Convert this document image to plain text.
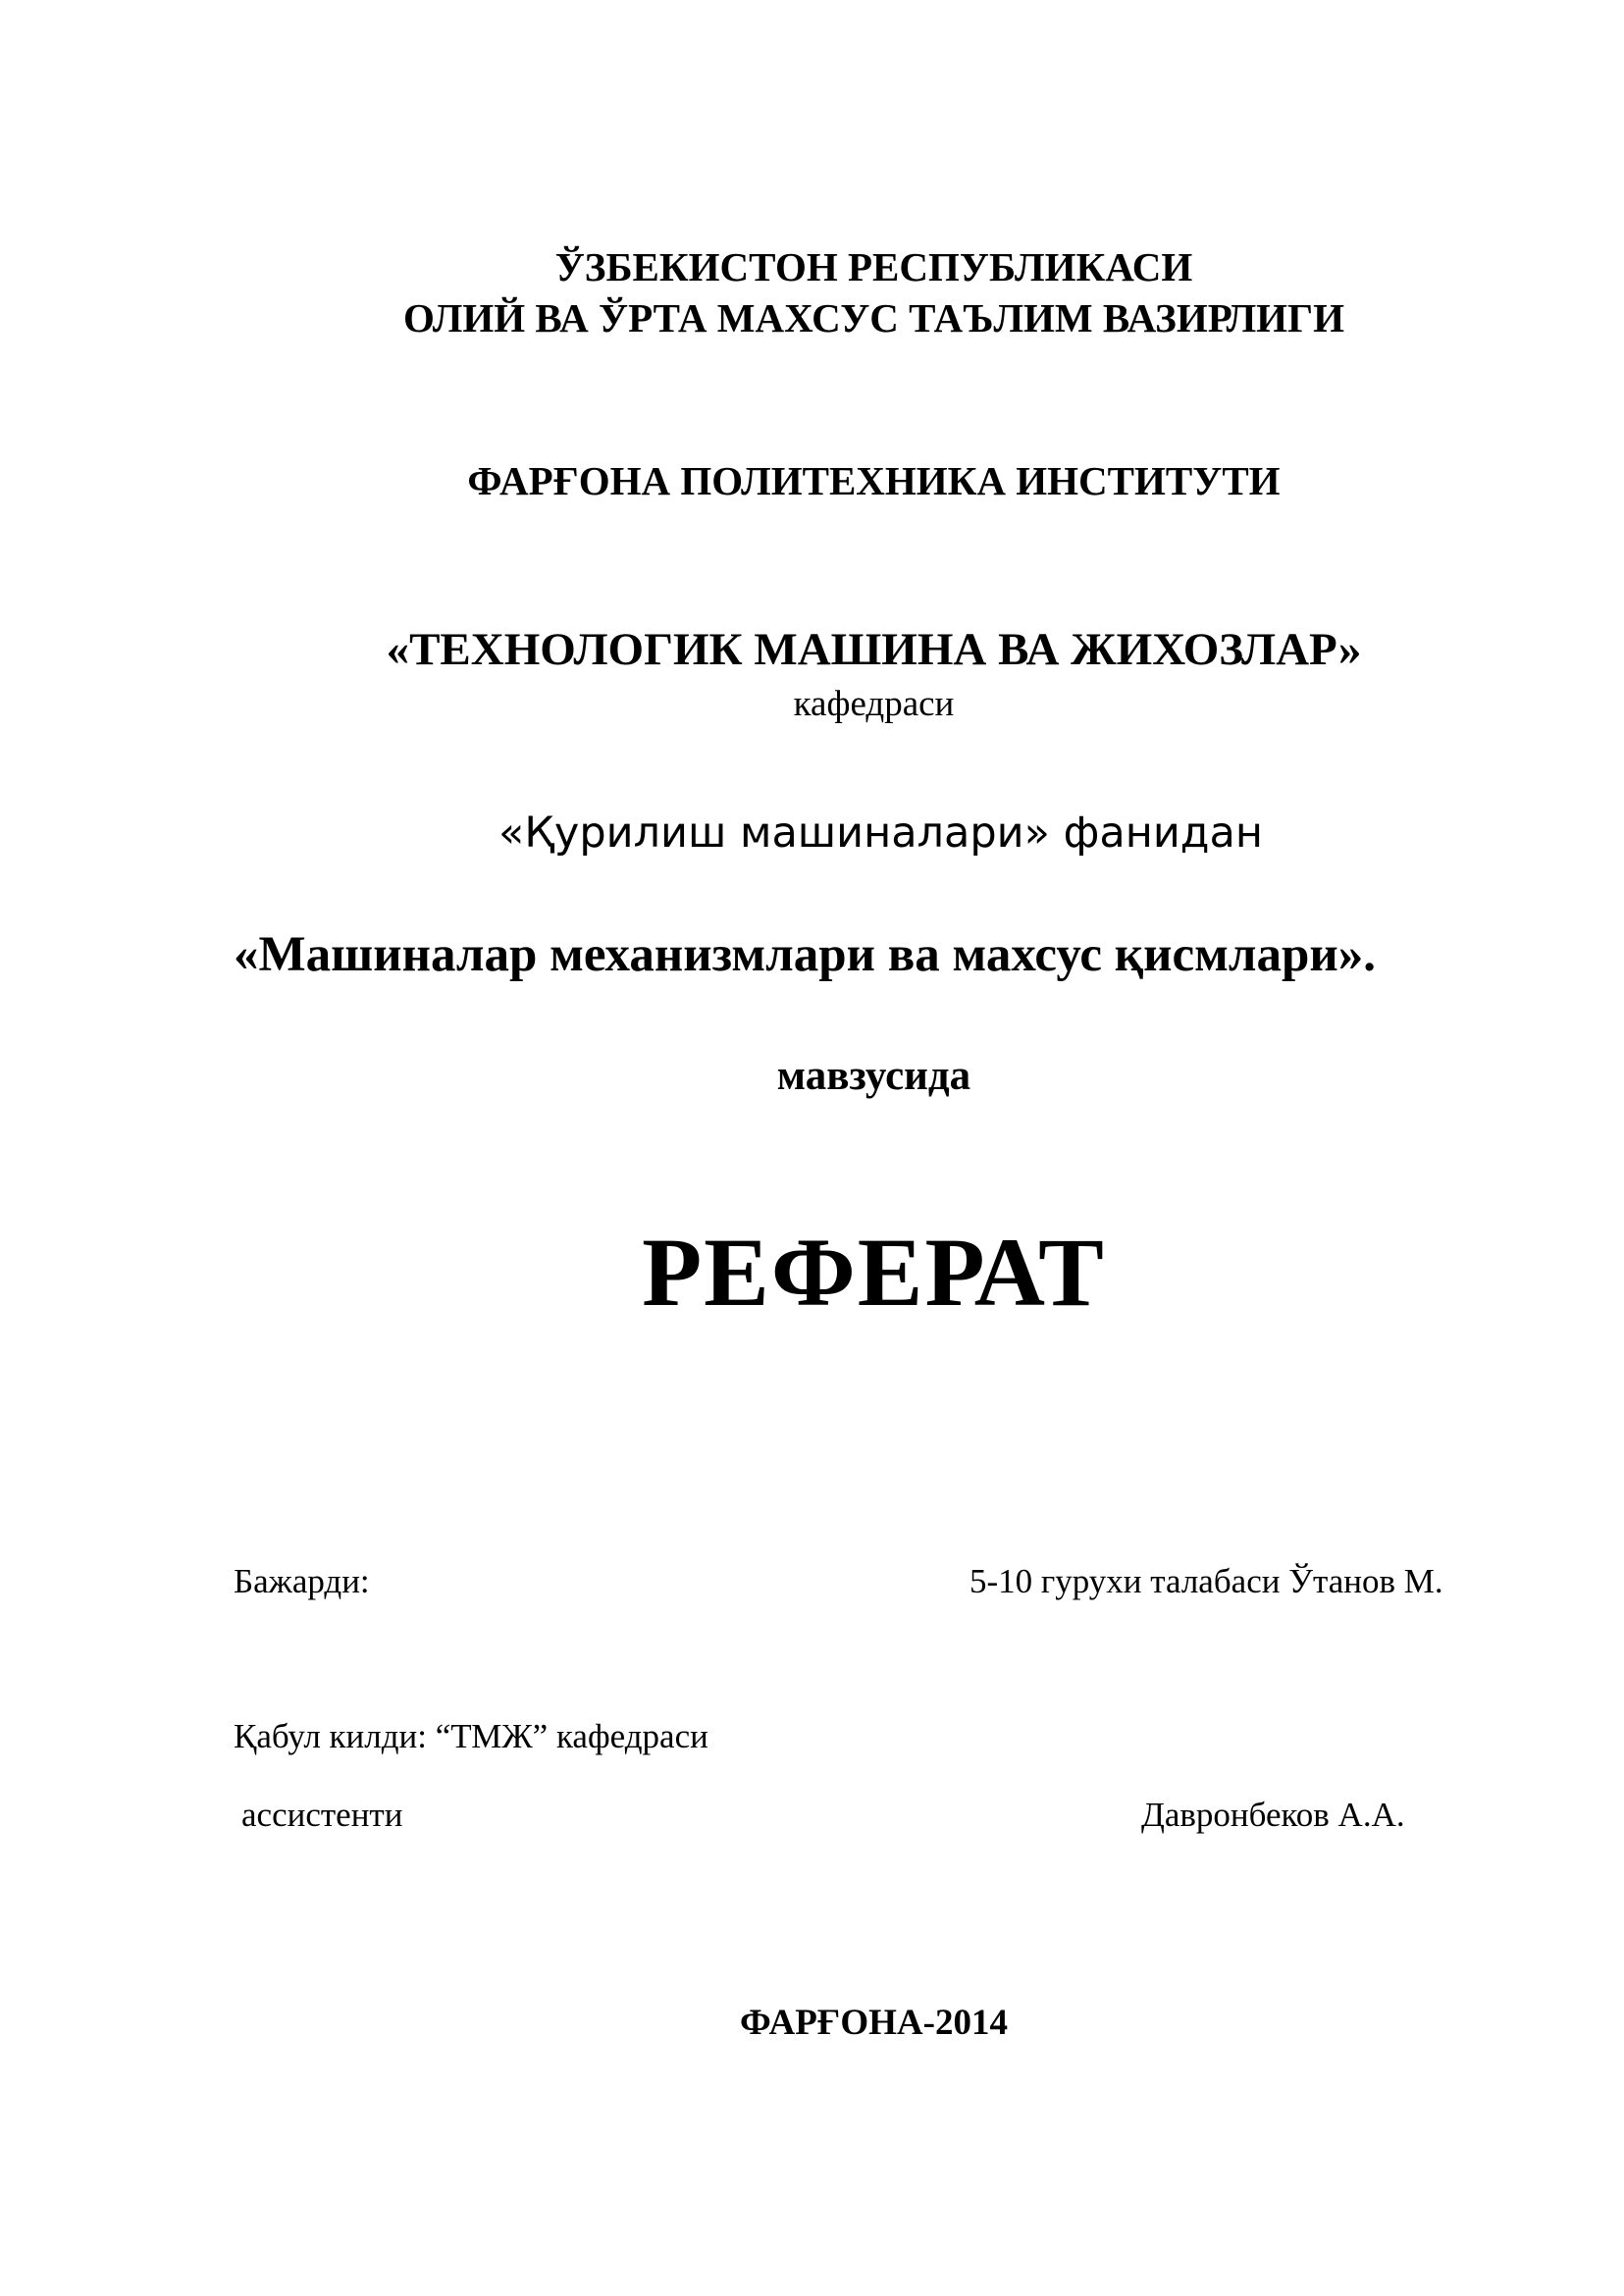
ЎЗБЕКИСТОН РЕСПУБЛИКАСИ
ОЛИЙ ВА ЎРТА МАХСУС ТАЪЛИМ ВАЗИРЛИГИ
ФАРҒОНА ПОЛИТЕХНИКА ИНСТИТУТИ
«ТЕХНОЛОГИК МАШИНА ВА ЖИХОЗЛАР»
кафедраси
«Қурилиш машиналари» фанидан
«Машиналар механизмлари ва махсус қисмлари».
мавзусида
РЕФЕРАТ
Бажарди:	5-10 гурухи талабаси Ўтанов М.
Қабул килди: “ТМЖ” кафедраси
ассистенти	Давронбеков А.А.
ФАРҒОНА-2014
